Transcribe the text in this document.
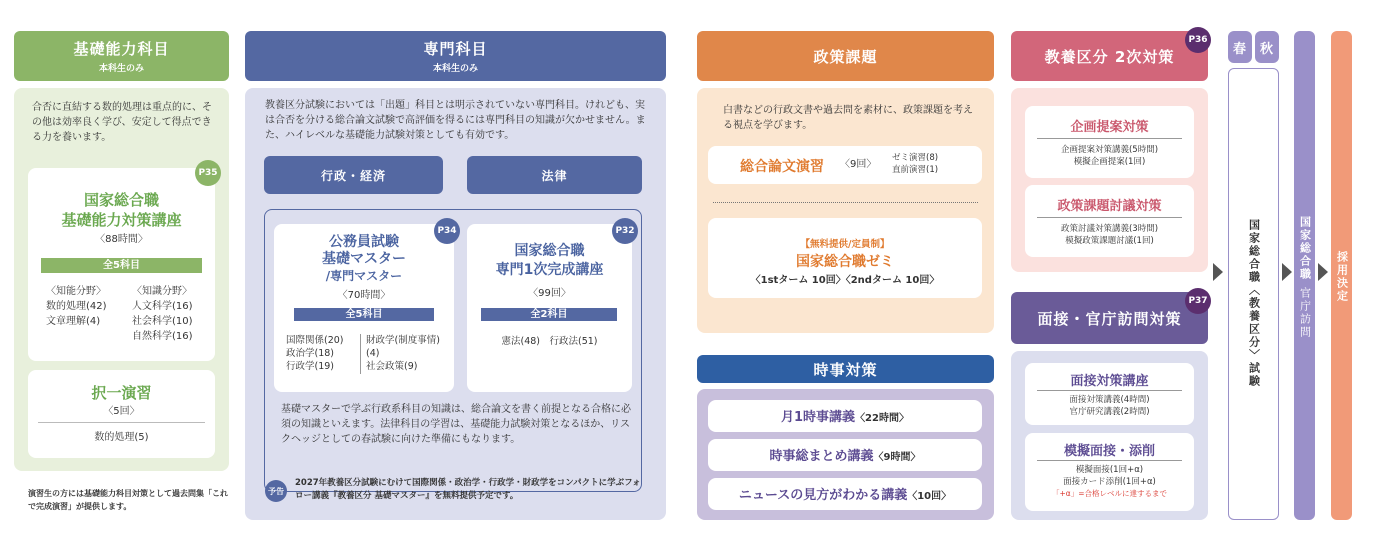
基礎能力科目
本科生のみ
合否に直結する数的処理は重点的に、その他は効率良く学び、安定して得点できる力を養います。
P35
国家総合職
基礎能力対策講座
〈88時間〉
全5科目
〈知能分野〉
数的処理(42)
文章理解(4)
〈知識分野〉
人文科学(16)
社会科学(10)
自然科学(16)
択一演習
〈5回〉
数的処理(5)
演習生の方には基礎能力科目対策として過去問集「これで完成演習」が提供します。
専門科目
本科生のみ
教養区分試験においては「出題」科目とは明示されていない専門科目。けれども、実は合否を分ける総合論文試験で高評価を得るには専門科目の知識が欠かせません。また、ハイレベルな基礎能力試験対策としても有効です。
行政・経済	法律
P34
公務員試験
基礎マスター
/専門マスター
〈70時間〉
全5科目
国際関係(20)
政治学(18)
行政学(19)
財政学(制度事情)
(4)
社会政策(9)
P32
国家総合職
専門1次完成講座
〈99回〉
全2科目
憲法(48)　行政法(51)
基礎マスターで学ぶ行政系科目の知識は、総合論文を書く前提となる合格に必須の知識といえます。法律科目の学習は、基礎能力試験対策となるほか、リスクヘッジとしての春試験に向けた準備にもなります。
予告
2027年教養区分試験にむけて国際関係・政治学・行政学・財政学をコンパクトに学ぶフォロー講義『教養区分 基礎マスター』を無料提供予定です。
政策課題
白書などの行政文書や過去問を素材に、政策課題を考える視点を学びます。
総合論文演習 〈9回〉
ゼミ演習(8)
直前演習(1)
【無料提供/定員制】
国家総合職ゼミ
〈1stターム 10回〉〈2ndターム 10回〉
時事対策
月1時事講義〈22時間〉
時事総まとめ講義〈9時間〉
ニュースの見方がわかる講義〈10回〉
教養区分 2次対策
P36
企画提案対策
企画提案対策講義(5時間)
模擬企画提案(1回)
政策課題討議対策
政策討議対策講義(3時間)
模擬政策課題討議(1回)
面接・官庁訪問対策
P37
面接対策講座
面接対策講義(4時間)
官庁研究講義(2時間)
模擬面接・添削
模擬面接(1回+α)
面接カード添削(1回+α)
「+α」=合格レベルに達するまで
春 秋
国家総合職〈教養区分〉試験	国家総合職 官庁訪問
採用決定
